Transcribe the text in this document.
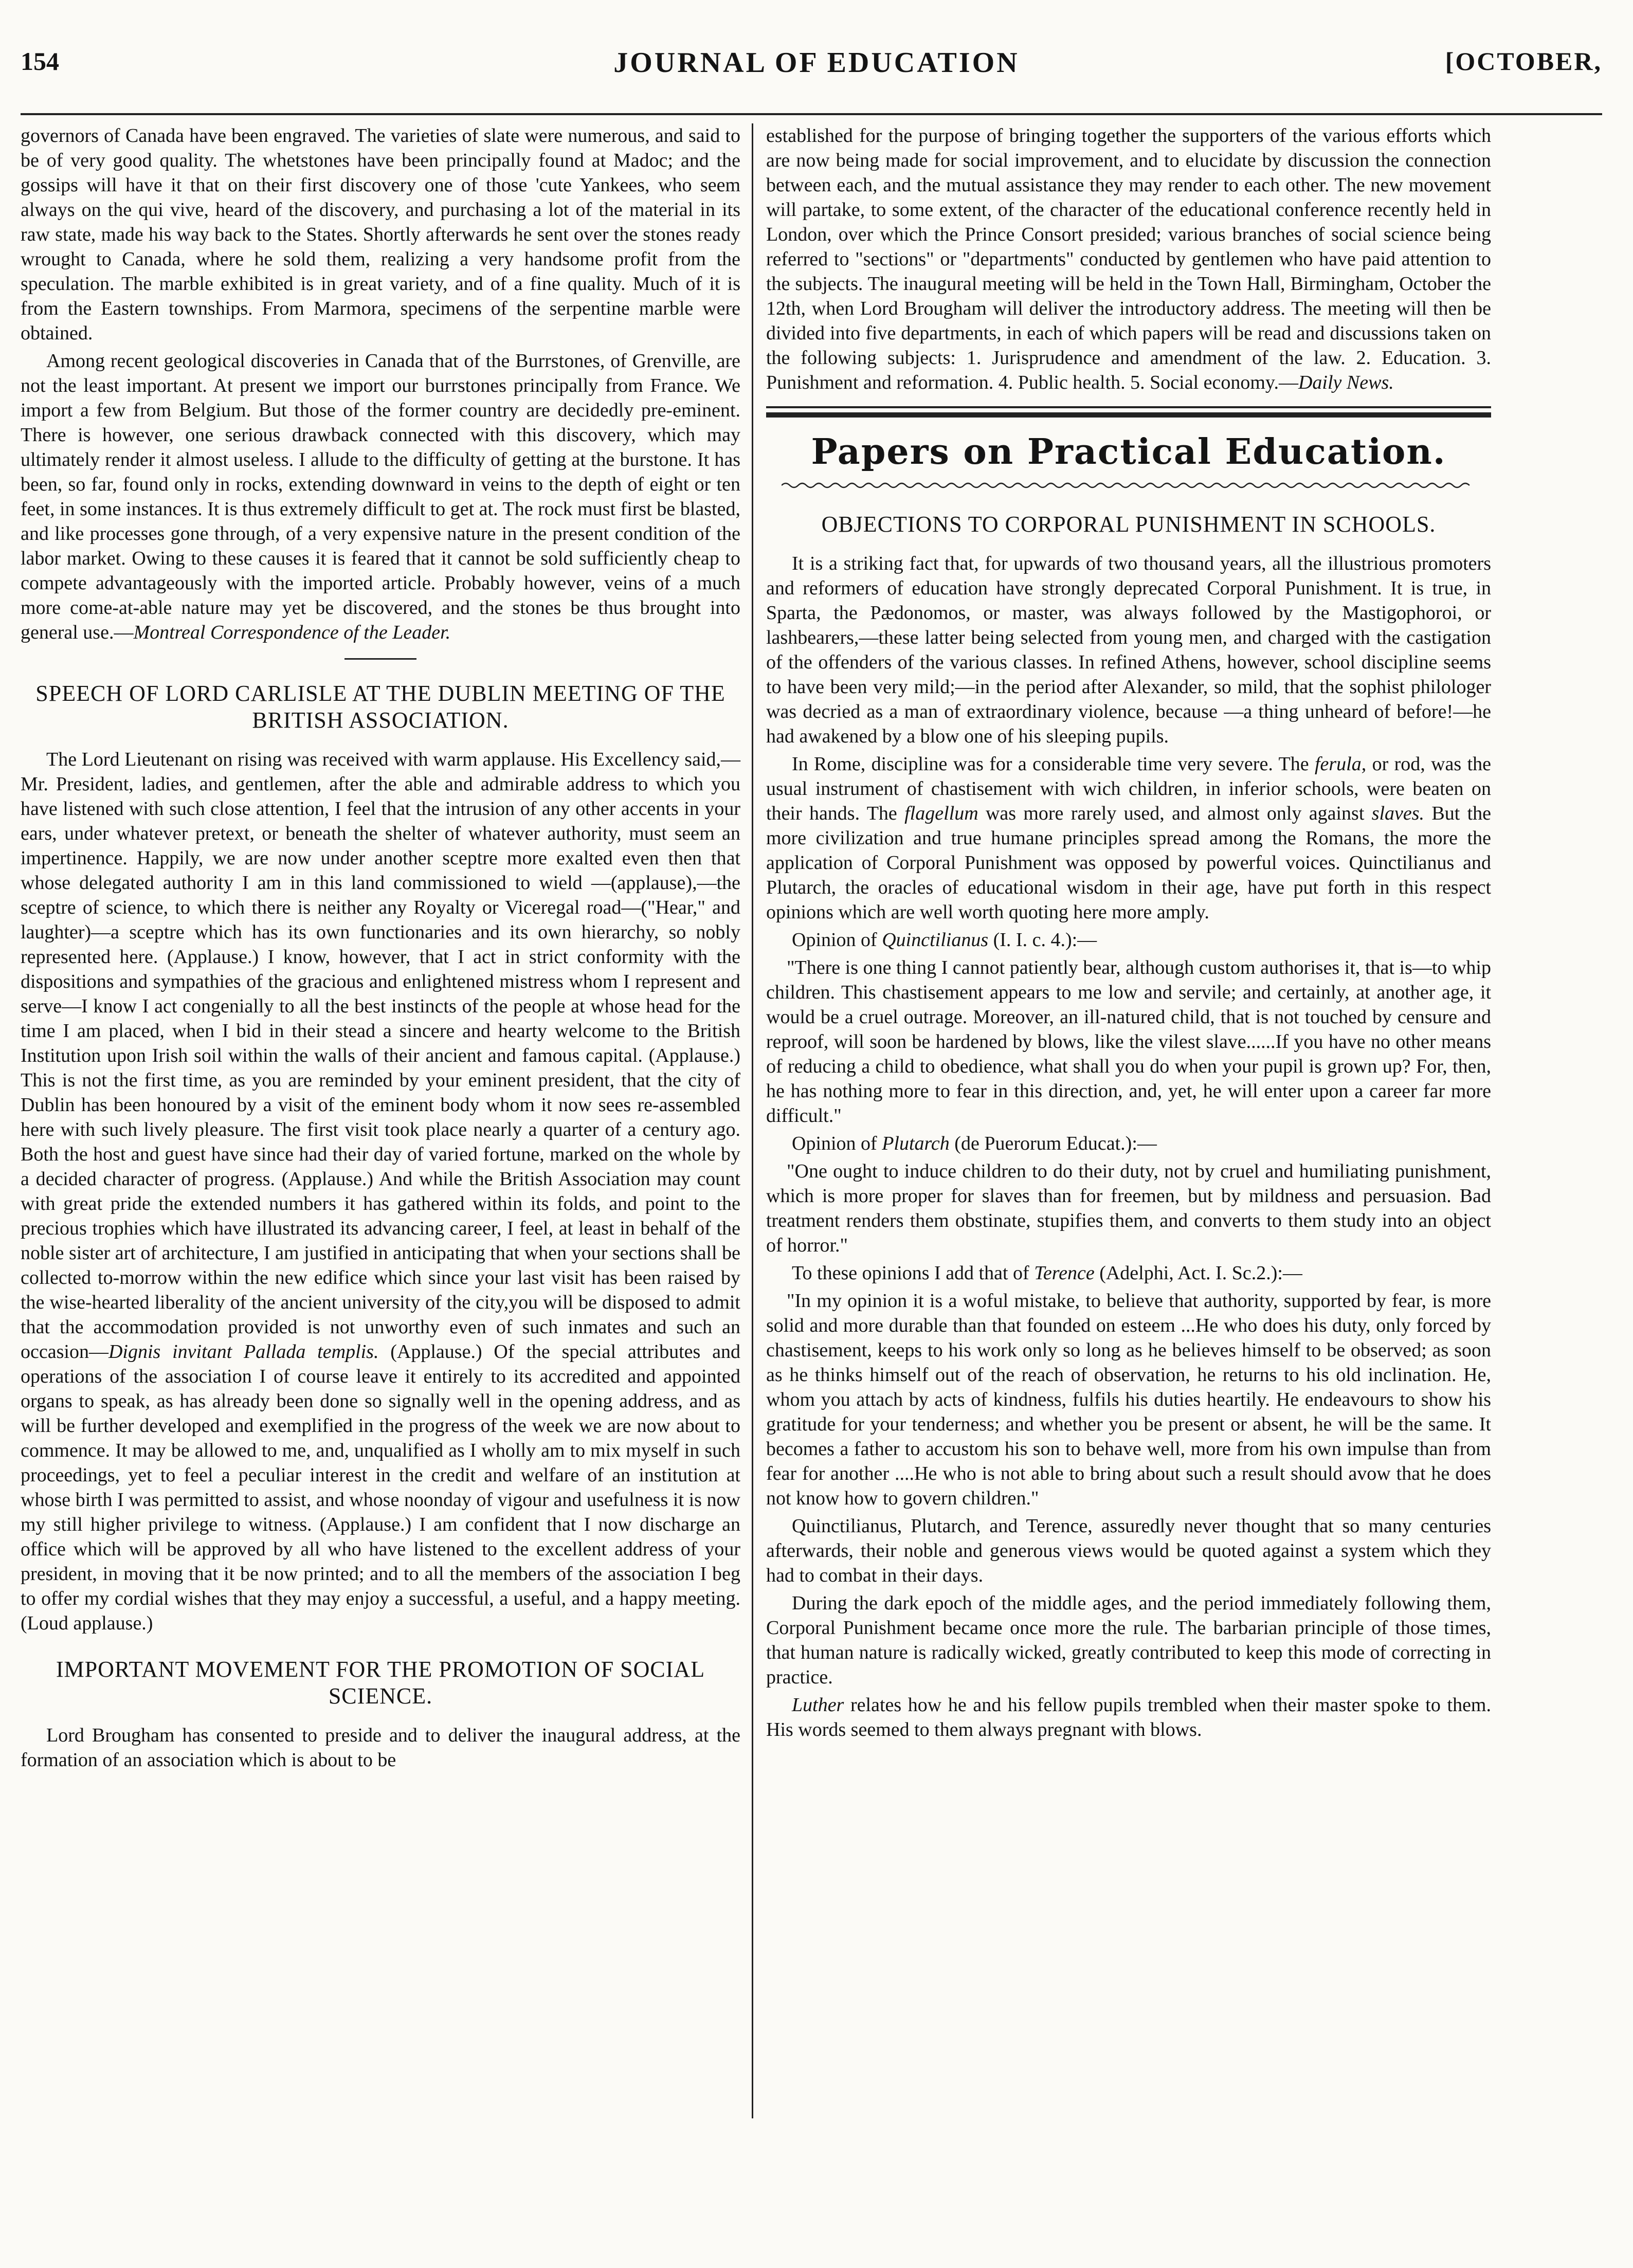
154	JOURNAL OF EDUCATION	[OCTOBER,

governors of Canada have been engraved. The varieties of slate were numerous, and said to be of very good quality. The whetstones have been principally found at Madoc; and the gossips will have it that on their first discovery one of those 'cute Yankees, who seem always on the qui vive, heard of the discovery, and purchasing a lot of the material in its raw state, made his way back to the States. Shortly afterwards he sent over the stones ready wrought to Canada, where he sold them, realizing a very handsome profit from the speculation. The marble exhibited is in great variety, and of a fine quality. Much of it is from the Eastern townships. From Marmora, specimens of the serpentine marble were obtained.

Among recent geological discoveries in Canada that of the Burrstones, of Grenville, are not the least important. At present we import our burrstones principally from France. We import a few from Belgium. But those of the former country are decidedly pre-eminent. There is however, one serious drawback connected with this discovery, which may ultimately render it almost useless. I allude to the difficulty of getting at the burstone. It has been, so far, found only in rocks, extending downward in veins to the depth of eight or ten feet, in some instances. It is thus extremely difficult to get at. The rock must first be blasted, and like processes gone through, of a very expensive nature in the present condition of the labor market. Owing to these causes it is feared that it cannot be sold sufficiently cheap to compete advantageously with the imported article. Probably however, veins of a much more come-at-able nature may yet be discovered, and the stones be thus brought into general use.—Montreal Correspondence of the Leader.

SPEECH OF LORD CARLISLE AT THE DUBLIN MEETING OF THE BRITISH ASSOCIATION.

The Lord Lieutenant on rising was received with warm applause. His Excellency said,—Mr. President, ladies, and gentlemen, after the able and admirable address to which you have listened with such close attention, I feel that the intrusion of any other accents in your ears, under whatever pretext, or beneath the shelter of whatever authority, must seem an impertinence. Happily, we are now under another sceptre more exalted even then that whose delegated authority I am in this land commissioned to wield —(applause),—the sceptre of science, to which there is neither any Royalty or Viceregal road—("Hear," and laughter)—a sceptre which has its own functionaries and its own hierarchy, so nobly represented here. (Applause.) I know, however, that I act in strict conformity with the dispositions and sympathies of the gracious and enlightened mistress whom I represent and serve—I know I act congenially to all the best instincts of the people at whose head for the time I am placed, when I bid in their stead a sincere and hearty welcome to the British Institution upon Irish soil within the walls of their ancient and famous capital. (Applause.) This is not the first time, as you are reminded by your eminent president, that the city of Dublin has been honoured by a visit of the eminent body whom it now sees re-assembled here with such lively pleasure. The first visit took place nearly a quarter of a century ago. Both the host and guest have since had their day of varied fortune, marked on the whole by a decided character of progress. (Applause.) And while the British Association may count with great pride the extended numbers it has gathered within its folds, and point to the precious trophies which have illustrated its advancing career, I feel, at least in behalf of the noble sister art of architecture, I am justified in anticipating that when your sections shall be collected to-morrow within the new edifice which since your last visit has been raised by the wise-hearted liberality of the ancient university of the city,you will be disposed to admit that the accommodation provided is not unworthy even of such inmates and such an occasion—Dignis invitant Pallada templis. (Applause.) Of the special attributes and operations of the association I of course leave it entirely to its accredited and appointed organs to speak, as has already been done so signally well in the opening address, and as will be further developed and exemplified in the progress of the week we are now about to commence. It may be allowed to me, and, unqualified as I wholly am to mix myself in such proceedings, yet to feel a peculiar interest in the credit and welfare of an institution at whose birth I was permitted to assist, and whose noonday of vigour and usefulness it is now my still higher privilege to witness. (Applause.) I am confident that I now discharge an office which will be approved by all who have listened to the excellent address of your president, in moving that it be now printed; and to all the members of the association I beg to offer my cordial wishes that they may enjoy a successful, a useful, and a happy meeting. (Loud applause.)

IMPORTANT MOVEMENT FOR THE PROMOTION OF SOCIAL SCIENCE.

Lord Brougham has consented to preside and to deliver the inaugural address, at the formation of an association which is about to be

established for the purpose of bringing together the supporters of the various efforts which are now being made for social improvement, and to elucidate by discussion the connection between each, and the mutual assistance they may render to each other. The new movement will partake, to some extent, of the character of the educational conference recently held in London, over which the Prince Consort presided; various branches of social science being referred to "sections" or "departments" conducted by gentlemen who have paid attention to the subjects. The inaugural meeting will be held in the Town Hall, Birmingham, October the 12th, when Lord Brougham will deliver the introductory address. The meeting will then be divided into five departments, in each of which papers will be read and discussions taken on the following subjects: 1. Jurisprudence and amendment of the law. 2. Education. 3. Punishment and reformation. 4. Public health. 5. Social economy.—Daily News.

Papers on Practical Education.
OBJECTIONS TO CORPORAL PUNISHMENT IN SCHOOLS.

It is a striking fact that, for upwards of two thousand years, all the illustrious promoters and reformers of education have strongly deprecated Corporal Punishment. It is true, in Sparta, the Pædonomos, or master, was always followed by the Mastigophoroi, or lashbearers,—these latter being selected from young men, and charged with the castigation of the offenders of the various classes. In refined Athens, however, school discipline seems to have been very mild;—in the period after Alexander, so mild, that the sophist philologer was decried as a man of extraordinary violence, because —a thing unheard of before!—he had awakened by a blow one of his sleeping pupils.

In Rome, discipline was for a considerable time very severe. The ferula, or rod, was the usual instrument of chastisement with wich children, in inferior schools, were beaten on their hands. The flagellum was more rarely used, and almost only against slaves. But the more civilization and true humane principles spread among the Romans, the more the application of Corporal Punishment was opposed by powerful voices. Quinctilianus and Plutarch, the oracles of educational wisdom in their age, have put forth in this respect opinions which are well worth quoting here more amply.

Opinion of Quinctilianus (I. I. c. 4.):—

"There is one thing I cannot patiently bear, although custom authorises it, that is—to whip children. This chastisement appears to me low and servile; and certainly, at another age, it would be a cruel outrage. Moreover, an ill-natured child, that is not touched by censure and reproof, will soon be hardened by blows, like the vilest slave......If you have no other means of reducing a child to obedience, what shall you do when your pupil is grown up? For, then, he has nothing more to fear in this direction, and, yet, he will enter upon a career far more difficult."

Opinion of Plutarch (de Puerorum Educat.):—

"One ought to induce children to do their duty, not by cruel and humiliating punishment, which is more proper for slaves than for freemen, but by mildness and persuasion. Bad treatment renders them obstinate, stupifies them, and converts to them study into an object of horror."

To these opinions I add that of Terence (Adelphi, Act. I. Sc.2.):—

"In my opinion it is a woful mistake, to believe that authority, supported by fear, is more solid and more durable than that founded on esteem ...He who does his duty, only forced by chastisement, keeps to his work only so long as he believes himself to be observed; as soon as he thinks himself out of the reach of observation, he returns to his old inclination. He, whom you attach by acts of kindness, fulfils his duties heartily. He endeavours to show his gratitude for your tenderness; and whether you be present or absent, he will be the same. It becomes a father to accustom his son to behave well, more from his own impulse than from fear for another ....He who is not able to bring about such a result should avow that he does not know how to govern children."

Quinctilianus, Plutarch, and Terence, assuredly never thought that so many centuries afterwards, their noble and generous views would be quoted against a system which they had to combat in their days.

During the dark epoch of the middle ages, and the period immediately following them, Corporal Punishment became once more the rule. The barbarian principle of those times, that human nature is radically wicked, greatly contributed to keep this mode of correcting in practice.

Luther relates how he and his fellow pupils trembled when their master spoke to them. His words seemed to them always pregnant with blows.
